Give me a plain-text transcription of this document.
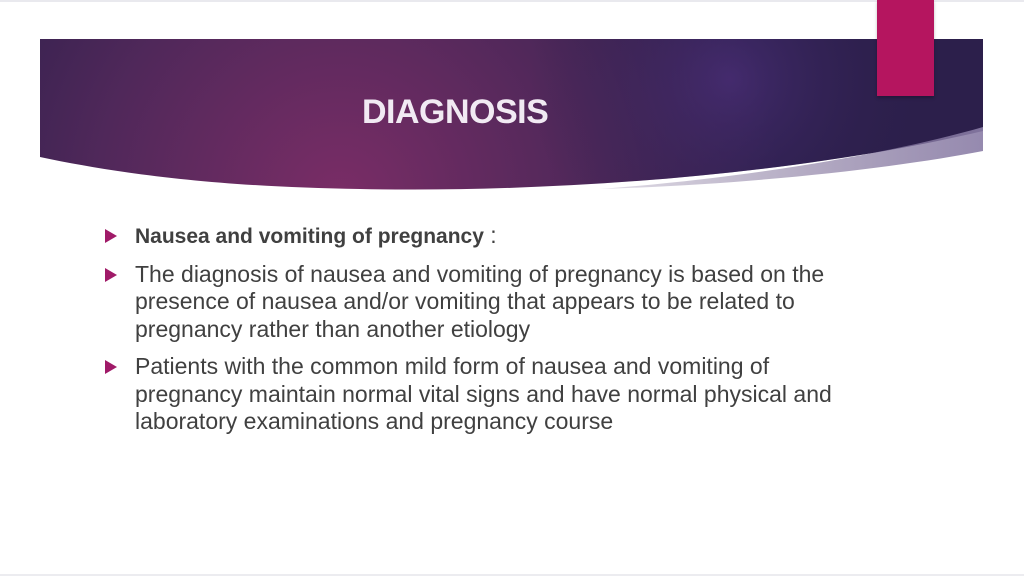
DIAGNOSIS
Nausea and vomiting of pregnancy :
The diagnosis of nausea and vomiting of pregnancy is based on the presence of nausea and/or vomiting that appears to be related to pregnancy rather than another etiology
Patients with the common mild form of nausea and vomiting of pregnancy maintain normal vital signs and have normal physical and laboratory examinations and pregnancy course
